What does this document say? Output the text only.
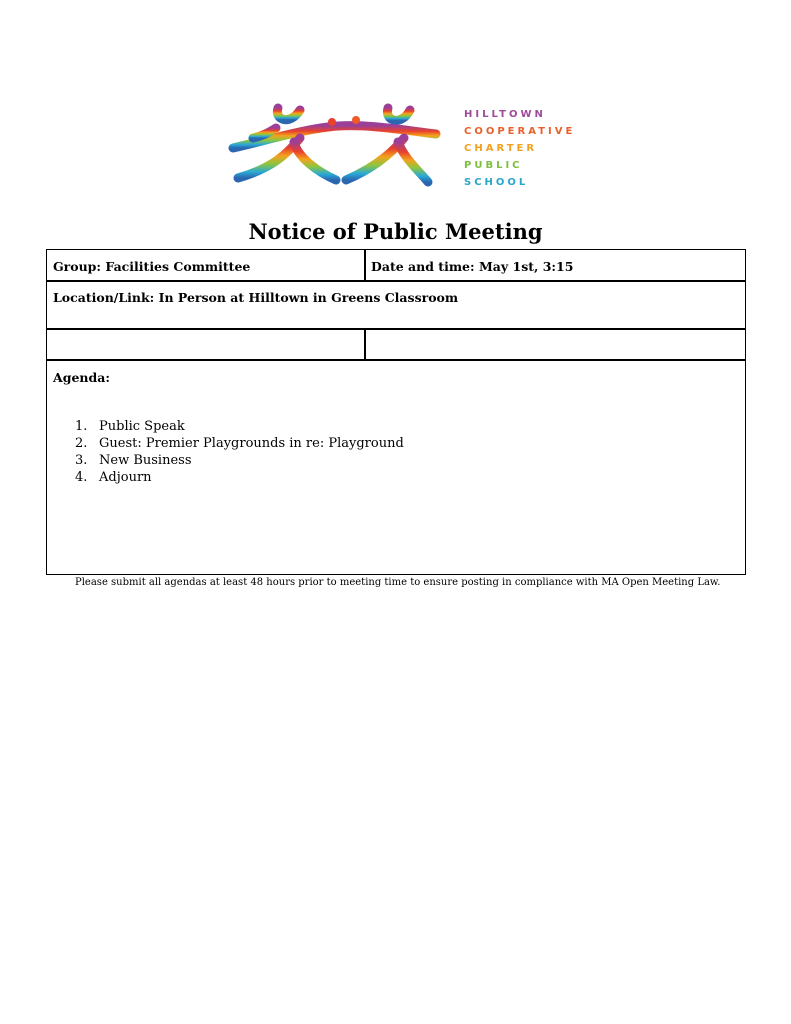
HILLTOWN
COOPERATIVE
CHARTER
PUBLIC
SCHOOL
Notice of Public Meeting
Group: Facilities Committee	Date and time: May 1st, 3:15
Location/Link: In Person at Hilltown in Greens Classroom
Agenda:
1. Public Speak
2. Guest: Premier Playgrounds in re: Playground
3. New Business
4. Adjourn
Please submit all agendas at least 48 hours prior to meeting time to ensure posting in compliance with MA Open Meeting Law.
